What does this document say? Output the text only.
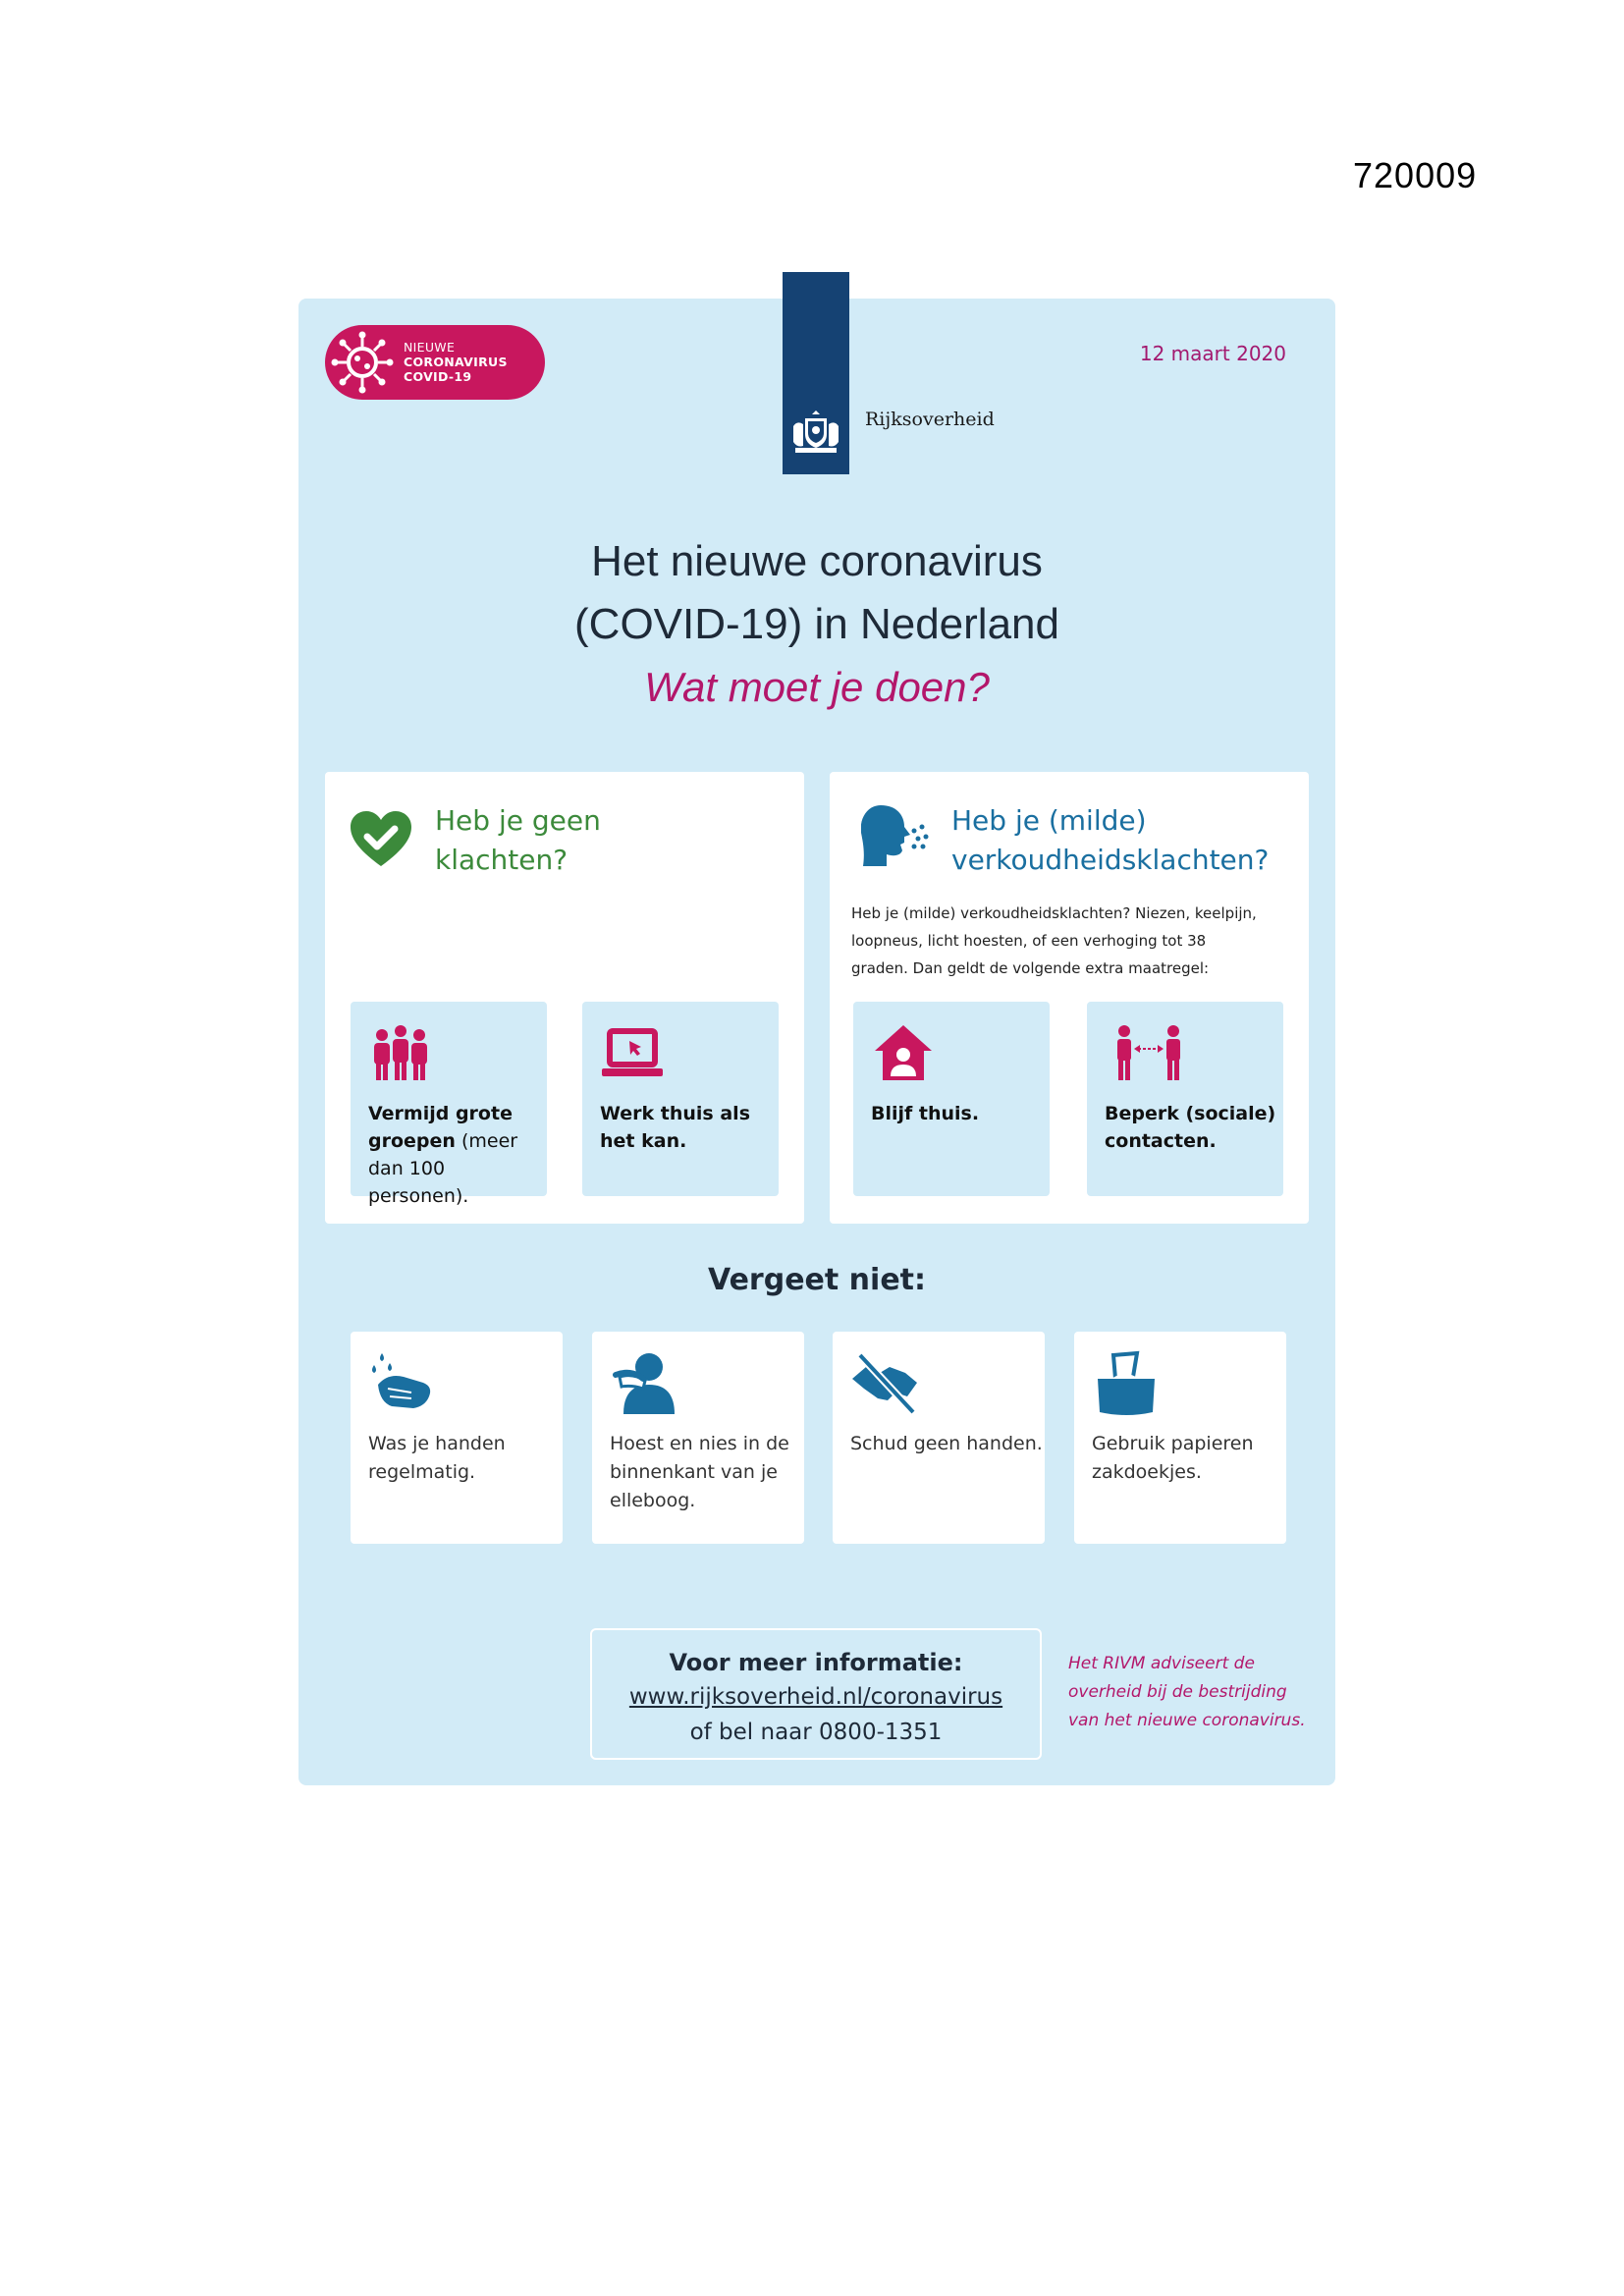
720009
Rijksoverheid
NIEUWE
CORONAVIRUS
COVID-19
12 maart 2020
Het nieuwe coronavirus
(COVID-19) in Nederland
Wat moet je doen?
Heb je geen
klachten?
Vermijd grote groepen (meer dan 100 personen).
Werk thuis als het kan.
Heb je (milde)
verkoudheidsklachten?
Heb je (milde) verkoudheidsklachten? Niezen, keelpijn, loopneus, licht hoesten, of een verhoging tot 38 graden. Dan geldt de volgende extra maatregel:
Blijf thuis.	Beperk (sociale) contacten.
Vergeet niet:
Was je handen regelmatig.
Hoest en nies in de binnenkant van je elleboog.
Schud geen handen.	Gebruik papieren zakdoekjes.
Voor meer informatie:
www.rijksoverheid.nl/coronavirus
of bel naar 0800-1351
Het RIVM adviseert de overheid bij de bestrijding van het nieuwe coronavirus.
